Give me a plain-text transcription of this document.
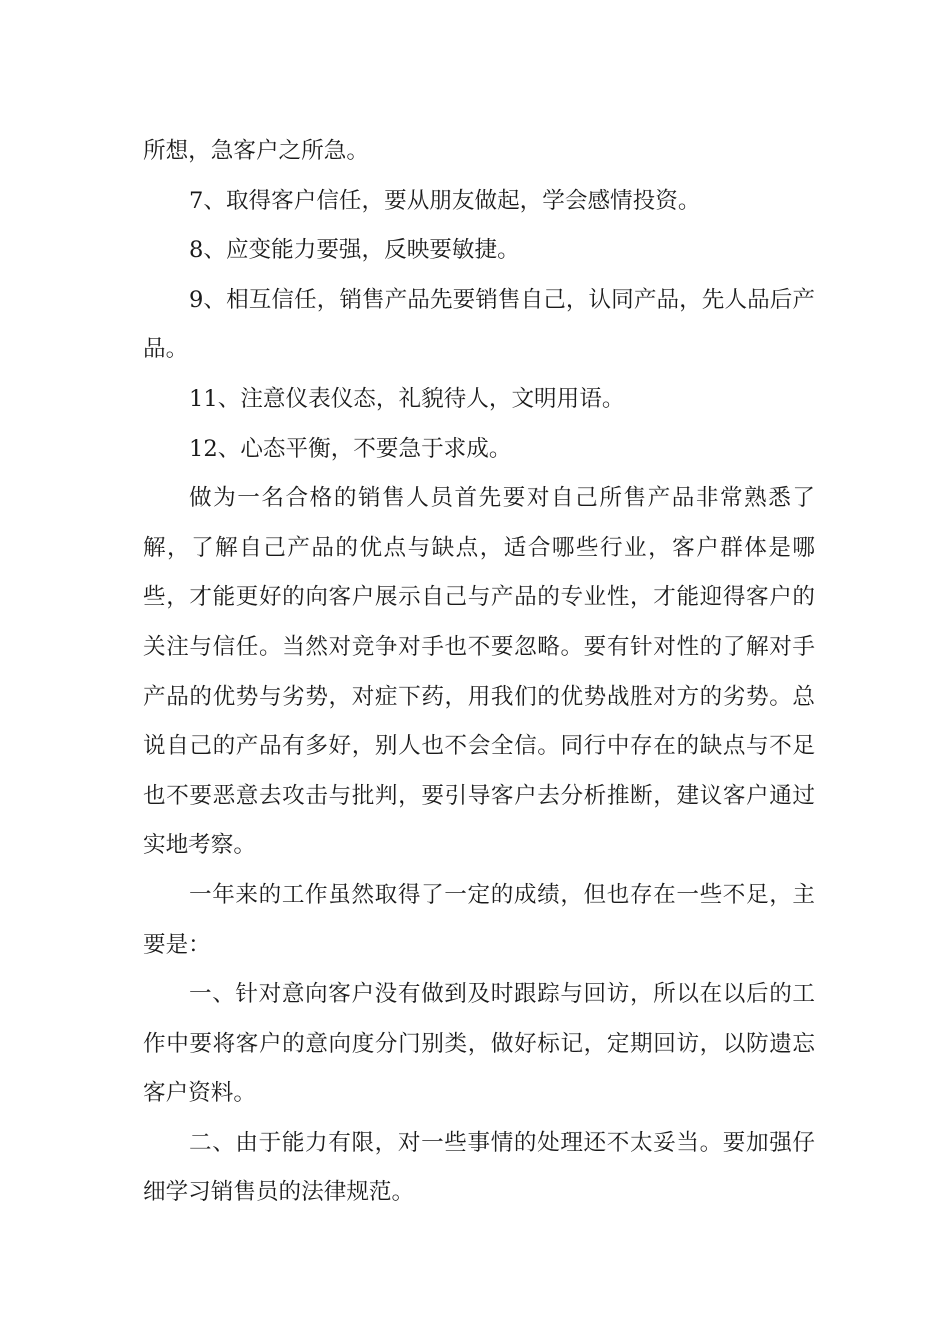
所想，急客户之所急。

7、取得客户信任，要从朋友做起，学会感情投资。

8、应变能力要强，反映要敏捷。

9、相互信任，销售产品先要销售自己，认同产品，先人品后产品。

11、注意仪表仪态，礼貌待人，文明用语。

12、心态平衡，不要急于求成。

做为一名合格的销售人员首先要对自己所售产品非常熟悉了解，了解自己产品的优点与缺点，适合哪些行业，客户群体是哪些，才能更好的向客户展示自己与产品的专业性，才能迎得客户的关注与信任。当然对竞争对手也不要忽略。要有针对性的了解对手产品的优势与劣势，对症下药，用我们的优势战胜对方的劣势。总说自己的产品有多好，别人也不会全信。同行中存在的缺点与不足也不要恶意去攻击与批判，要引导客户去分析推断，建议客户通过实地考察。

一年来的工作虽然取得了一定的成绩，但也存在一些不足，主要是：

一、针对意向客户没有做到及时跟踪与回访，所以在以后的工作中要将客户的意向度分门别类，做好标记，定期回访，以防遗忘客户资料。

二、由于能力有限，对一些事情的处理还不太妥当。要加强仔细学习销售员的法律规范。
